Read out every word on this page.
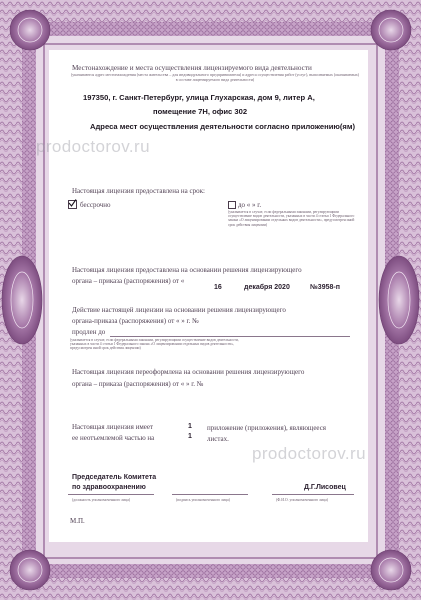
Местонахождение и места осуществления лицензируемого вида деятельности
(указываются адрес местонахождения (места жительства – для индивидуального предпринимателя) и адреса осуществления работ (услуг), выполняемых (оказываемых) в составе лицензируемого вида деятельности)
197350, г. Санкт-Петербург, улица Глухарская, дом 9, литер А,
помещение 7Н, офис 302
Адреса мест осуществления деятельности согласно приложению(ям)
Настоящая лицензия предоставлена на срок:
бессрочно	до « » г.
(указывается в случае, если федеральными законами, регулирующими осуществление видов деятельности, указанных в части 4 статьи 1 Федерального закона «О лицензировании отдельных видов деятельности», предусмотрен иной срок действия лицензии)
Настоящая лицензия предоставлена на основании решения лицензирующего
органа – приказа (распоряжения) от «
16	декабря 2020	№3958-п
Действие настоящей лицензии на основании решения лицензирующего
органа-приказа (распоряжения) от « » г. №
продлен до
(указывается в случае, если федеральными законами, регулирующими осуществление видов деятельности, указанных в части 4 статьи 1 Федерального закона «О лицензировании отдельных видов деятельности», предусмотрен иной срок действия лицензии)
Настоящая лицензия переоформлена на основании решения лицензирующего
органа – приказа (распоряжения) от « » г. №
Настоящая лицензия имеет	1 приложение (приложения), являющееся
ее неотъемлемой частью на	1 листах.
Председатель Комитета
по здравоохранению	Д.Г.Лисовец
(должность уполномоченного лица)	(подпись уполномоченного лица)	(Ф.И.О. уполномоченного лица)
М.П.
prodoctorov.ru
prodoctorov.ru
